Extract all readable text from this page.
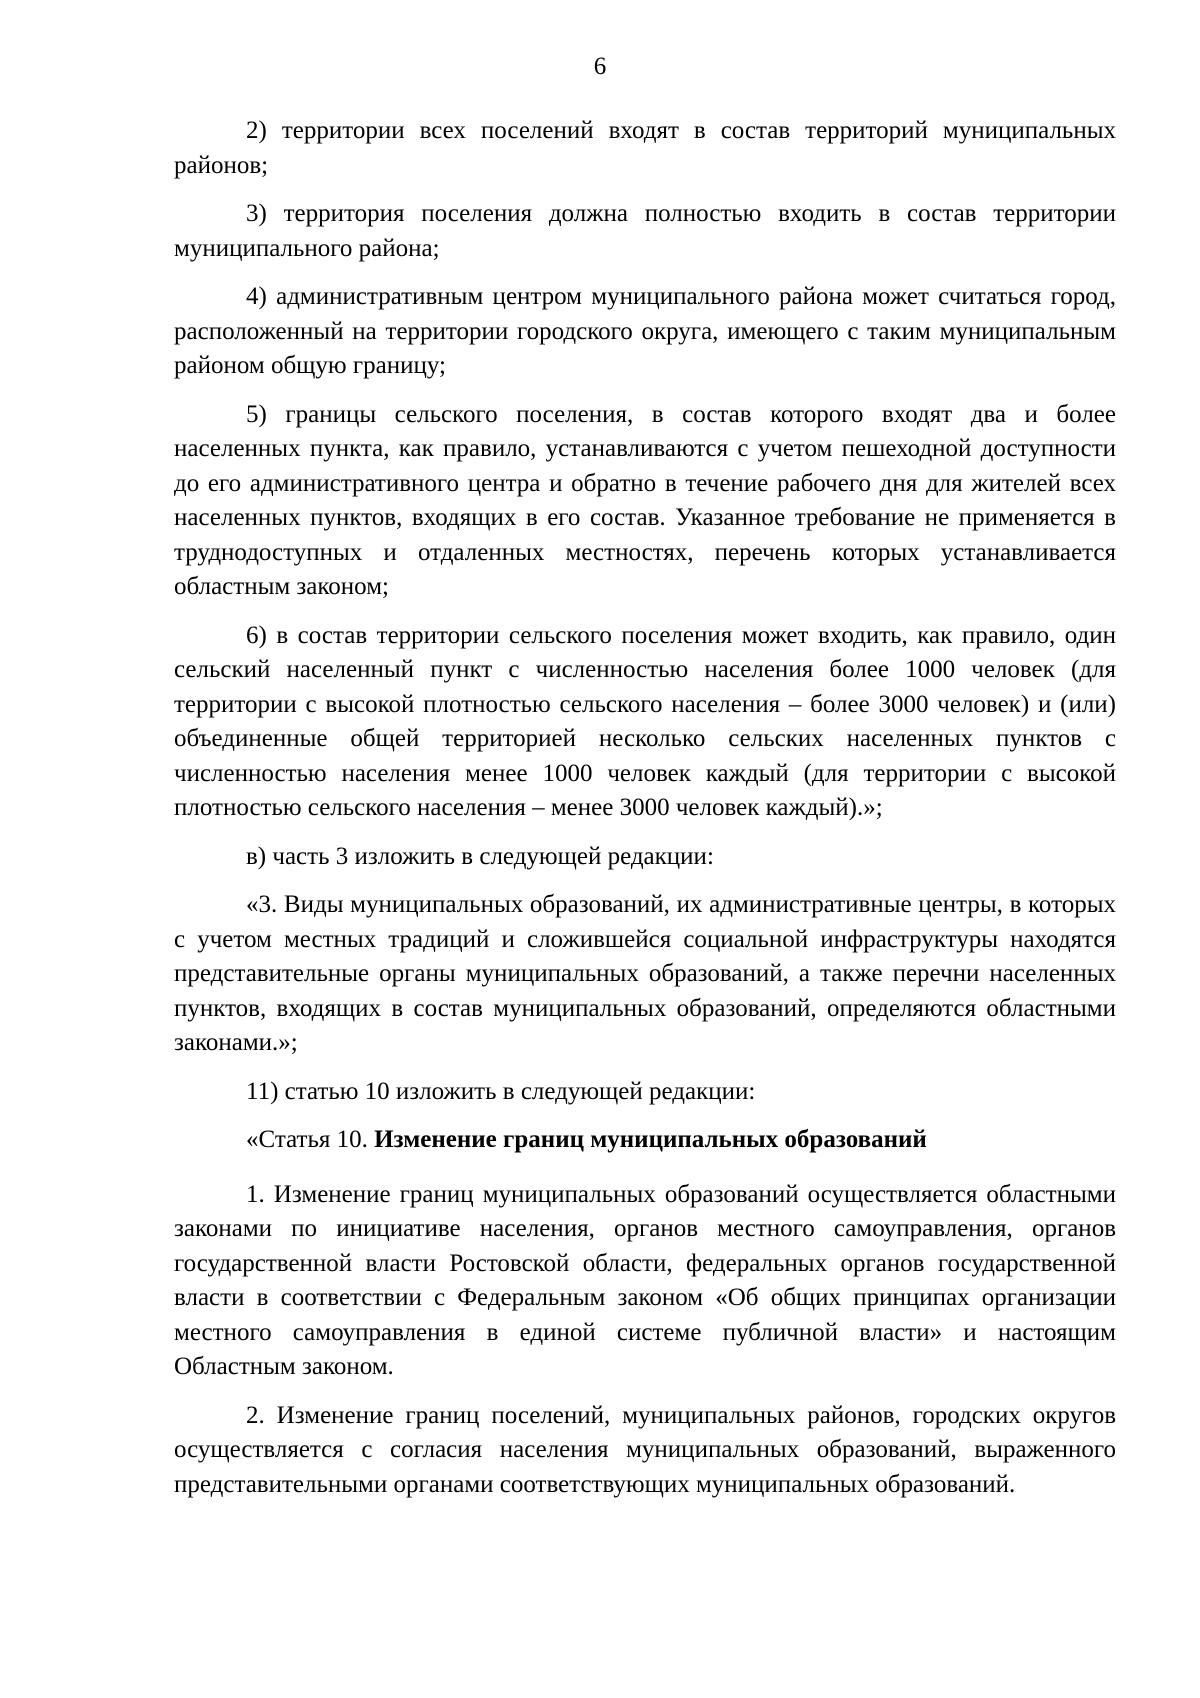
6

2) территории всех поселений входят в состав территорий муниципальных районов;

3) территория поселения должна полностью входить в состав территории муниципального района;

4) административным центром муниципального района может считаться город, расположенный на территории городского округа, имеющего с таким муниципальным районом общую границу;

5) границы сельского поселения, в состав которого входят два и более населенных пункта, как правило, устанавливаются с учетом пешеходной доступности до его административного центра и обратно в течение рабочего дня для жителей всех населенных пунктов, входящих в его состав. Указанное требование не применяется в труднодоступных и отдаленных местностях, перечень которых устанавливается областным законом;

6) в состав территории сельского поселения может входить, как правило, один сельский населенный пункт с численностью населения более 1000 человек (для территории с высокой плотностью сельского населения – более 3000 человек) и (или) объединенные общей территорией несколько сельских населенных пунктов с численностью населения менее 1000 человек каждый (для территории с высокой плотностью сельского населения – менее 3000 человек каждый).»;

в) часть 3 изложить в следующей редакции:

«3. Виды муниципальных образований, их административные центры, в которых с учетом местных традиций и сложившейся социальной инфраструктуры находятся представительные органы муниципальных образований, а также перечни населенных пунктов, входящих в состав муниципальных образований, определяются областными законами.»;

11) статью 10 изложить в следующей редакции:

«Статья 10. Изменение границ муниципальных образований

1. Изменение границ муниципальных образований осуществляется областными законами по инициативе населения, органов местного самоуправления, органов государственной власти Ростовской области, федеральных органов государственной власти в соответствии с Федеральным законом «Об общих принципах организации местного самоуправления в единой системе публичной власти» и настоящим Областным законом.

2. Изменение границ поселений, муниципальных районов, городских округов осуществляется с согласия населения муниципальных образований, выраженного представительными органами соответствующих муниципальных образований.
